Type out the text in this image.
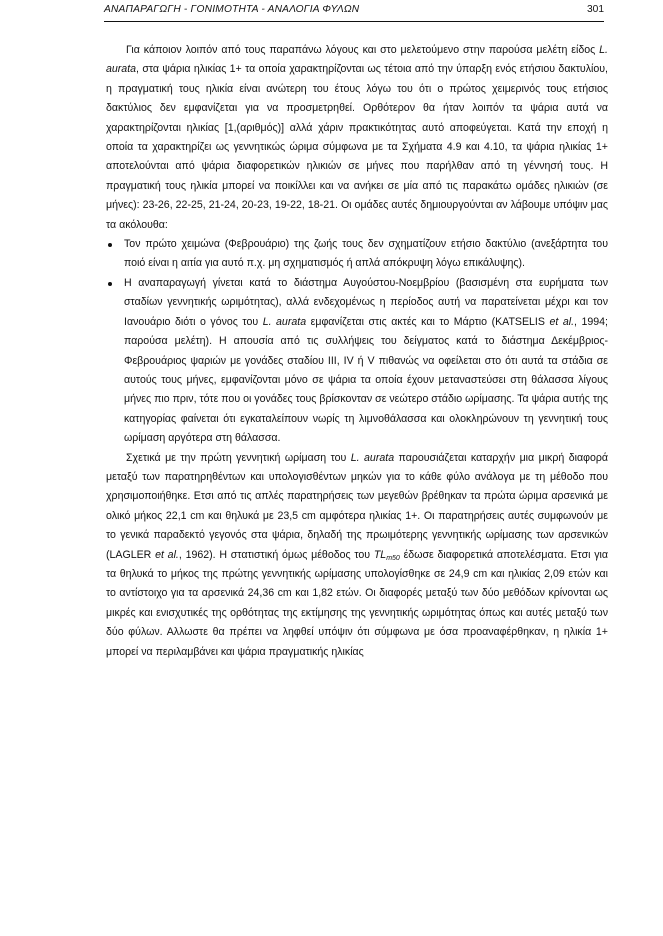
ΑΝΑΠΑΡΑΓΩΓΗ - ΓΟΝΙΜΟΤΗΤΑ - ΑΝΑΛΟΓΙΑ ΦΥΛΩΝ	301

Για κάποιον λοιπόν από τους παραπάνω λόγους και στο μελετούμενο στην παρούσα μελέτη είδος L. aurata, στα ψάρια ηλικίας 1+ τα οποία χαρακτηρίζονται ως τέτοια από την ύπαρξη ενός ετήσιου δακτυλίου, η πραγματική τους ηλικία είναι ανώτερη του έτους λόγω του ότι ο πρώτος χειμερινός τους ετήσιος δακτύλιος δεν εμφανίζεται για να προσμετρηθεί. Ορθότερον θα ήταν λοιπόν τα ψάρια αυτά να χαρακτηρίζονται ηλικίας [1,(αριθμός)] αλλά χάριν πρακτικότητας αυτό αποφεύγεται. Κατά την εποχή η οποία τα χαρακτηρίζει ως γεννητικώς ώριμα σύμφωνα με τα Σχήματα 4.9 και 4.10, τα ψάρια ηλικίας 1+ αποτελούνται από ψάρια διαφορετικών ηλικιών σε μήνες που παρήλθαν από τη γέννησή τους. Η πραγματική τους ηλικία μπορεί να ποικίλλει και να ανήκει σε μία από τις παρακάτω ομάδες ηλικιών (σε μήνες): 23-26, 22-25, 21-24, 20-23, 19-22, 18-21. Οι ομάδες αυτές δημιουργούνται αν λάβουμε υπόψιν μας τα ακόλουθα:

Τον πρώτο χειμώνα (Φεβρουάριο) της ζωής τους δεν σχηματίζουν ετήσιο δακτύλιο (ανεξάρτητα του ποιό είναι η αιτία για αυτό π.χ. μη σχηματισμός ή απλά απόκρυψη λόγω επικάλυψης).
Η αναπαραγωγή γίνεται κατά το διάστημα Αυγούστου-Νοεμβρίου (βασισμένη στα ευρήματα των σταδίων γεννητικής ωριμότητας), αλλά ενδεχομένως η περίοδος αυτή να παρατείνεται μέχρι και τον Ιανουάριο διότι ο γόνος του L. aurata εμφανίζεται στις ακτές και το Μάρτιο (KATSELIS et al., 1994; παρούσα μελέτη). Η απουσία από τις συλλήψεις του δείγματος κατά το διάστημα Δεκέμβριος-Φεβρουάριος ψαριών με γονάδες σταδίου III, IV ή V πιθανώς να οφείλεται στο ότι αυτά τα στάδια σε αυτούς τους μήνες, εμφανίζονται μόνο σε ψάρια τα οποία έχουν μεταναστεύσει στη θάλασσα λίγους μήνες πιο πριν, τότε που οι γονάδες τους βρίσκονταν σε νεώτερο στάδιο ωρίμασης. Τα ψάρια αυτής της κατηγορίας φαίνεται ότι εγκαταλείπουν νωρίς τη λιμνοθάλασσα και ολοκληρώνουν τη γεννητική τους ωρίμαση αργότερα στη θάλασσα.

Σχετικά με την πρώτη γεννητική ωρίμαση του L. aurata παρουσιάζεται καταρχήν μια μικρή διαφορά μεταξύ των παρατηρηθέντων και υπολογισθέντων μηκών για το κάθε φύλο ανάλογα με τη μέθοδο που χρησιμοποιήθηκε. Ετσι από τις απλές παρατηρήσεις των μεγεθών βρέθηκαν τα πρώτα ώριμα αρσενικά με ολικό μήκος 22,1 cm και θηλυκά με 23,5 cm αμφότερα ηλικίας 1+. Οι παρατηρήσεις αυτές συμφωνούν με το γενικά παραδεκτό γεγονός στα ψάρια, δηλαδή της πρωιμότερης γεννητικής ωρίμασης των αρσενικών (LAGLER et al., 1962). Η στατιστική όμως μέθοδος του $TL_{m50}$ έδωσε διαφορετικά αποτελέσματα. Ετσι για τα θηλυκά το μήκος της πρώτης γεννητικής ωρίμασης υπολογίσθηκε σε 24,9 cm και ηλικίας 2,09 ετών και το αντίστοιχο για τα αρσενικά 24,36 cm και 1,82 ετών. Οι διαφορές μεταξύ των δύο μεθόδων κρίνονται ως μικρές και ενισχυτικές της ορθότητας της εκτίμησης της γεννητικής ωριμότητας όπως και αυτές μεταξύ των δύο φύλων. Αλλωστε θα πρέπει να ληφθεί υπόψιν ότι σύμφωνα με όσα προαναφέρθηκαν, η ηλικία 1+ μπορεί να περιλαμβάνει και ψάρια πραγματικής ηλικίας
